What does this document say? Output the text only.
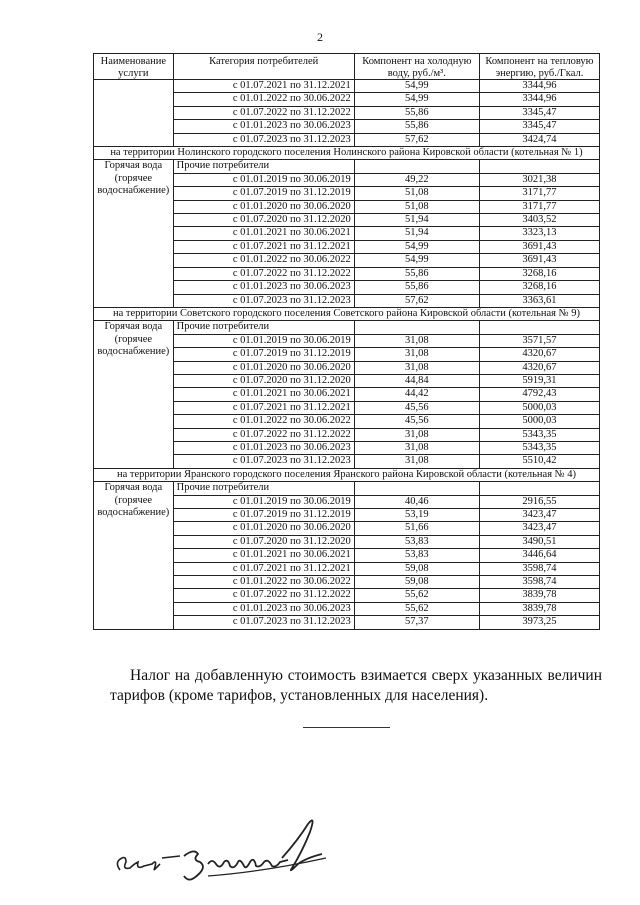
2
Наименование услуги	Категория потребителей	Компонент на холодную воду, руб./м³.	Компонент на тепловую энергию, руб./Гкал.
	с 01.07.2021 по 31.12.2021	54,99	3344,96
	с 01.01.2022 по 30.06.2022	54,99	3344,96
	с 01.07.2022 по 31.12.2022	55,86	3345,47
	с 01.01.2023 по 30.06.2023	55,86	3345,47
	с 01.07.2023 по 31.12.2023	57,62	3424,74
на территории Нолинского городского поселения Нолинского района Кировской области (котельная № 1)			
Горячая вода (горячее водоснабжение)	Прочие потребители		
	с 01.01.2019 по 30.06.2019	49,22	3021,38
	с 01.07.2019 по 31.12.2019	51,08	3171,77
	с 01.01.2020 по 30.06.2020	51,08	3171,77
	с 01.07.2020 по 31.12.2020	51,94	3403,52
	с 01.01.2021 по 30.06.2021	51,94	3323,13
	с 01.07.2021 по 31.12.2021	54,99	3691,43
	с 01.01.2022 по 30.06.2022	54,99	3691,43
	с 01.07.2022 по 31.12.2022	55,86	3268,16
	с 01.01.2023 по 30.06.2023	55,86	3268,16
	с 01.07.2023 по 31.12.2023	57,62	3363,61
на территории Советского городского поселения Советского района Кировской области (котельная № 9)			
Горячая вода (горячее водоснабжение)	Прочие потребители		
	с 01.01.2019 по 30.06.2019	31,08	3571,57
	с 01.07.2019 по 31.12.2019	31,08	4320,67
	с 01.01.2020 по 30.06.2020	31,08	4320,67
	с 01.07.2020 по 31.12.2020	44,84	5919,31
	с 01.01.2021 по 30.06.2021	44,42	4792,43
	с 01.07.2021 по 31.12.2021	45,56	5000,03
	с 01.01.2022 по 30.06.2022	45,56	5000,03
	с 01.07.2022 по 31.12.2022	31,08	5343,35
	с 01.01.2023 по 30.06.2023	31,08	5343,35
	с 01.07.2023 по 31.12.2023	31,08	5510,42
на территории Яранского городского поселения Яранского района Кировской области (котельная № 4)			
Горячая вода (горячее водоснабжение)	Прочие потребители		
	с 01.01.2019 по 30.06.2019	40,46	2916,55
	с 01.07.2019 по 31.12.2019	53,19	3423,47
	с 01.01.2020 по 30.06.2020	51,66	3423,47
	с 01.07.2020 по 31.12.2020	53,83	3490,51
	с 01.01.2021 по 30.06.2021	53,83	3446,64
	с 01.07.2021 по 31.12.2021	59,08	3598,74
	с 01.01.2022 по 30.06.2022	59,08	3598,74
	с 01.07.2022 по 31.12.2022	55,62	3839,78
	с 01.01.2023 по 30.06.2023	55,62	3839,78
	с 01.07.2023 по 31.12.2023	57,37	3973,25
Налог на добавленную стоимость взимается сверх указанных величин тарифов (кроме тарифов, установленных для населения).
